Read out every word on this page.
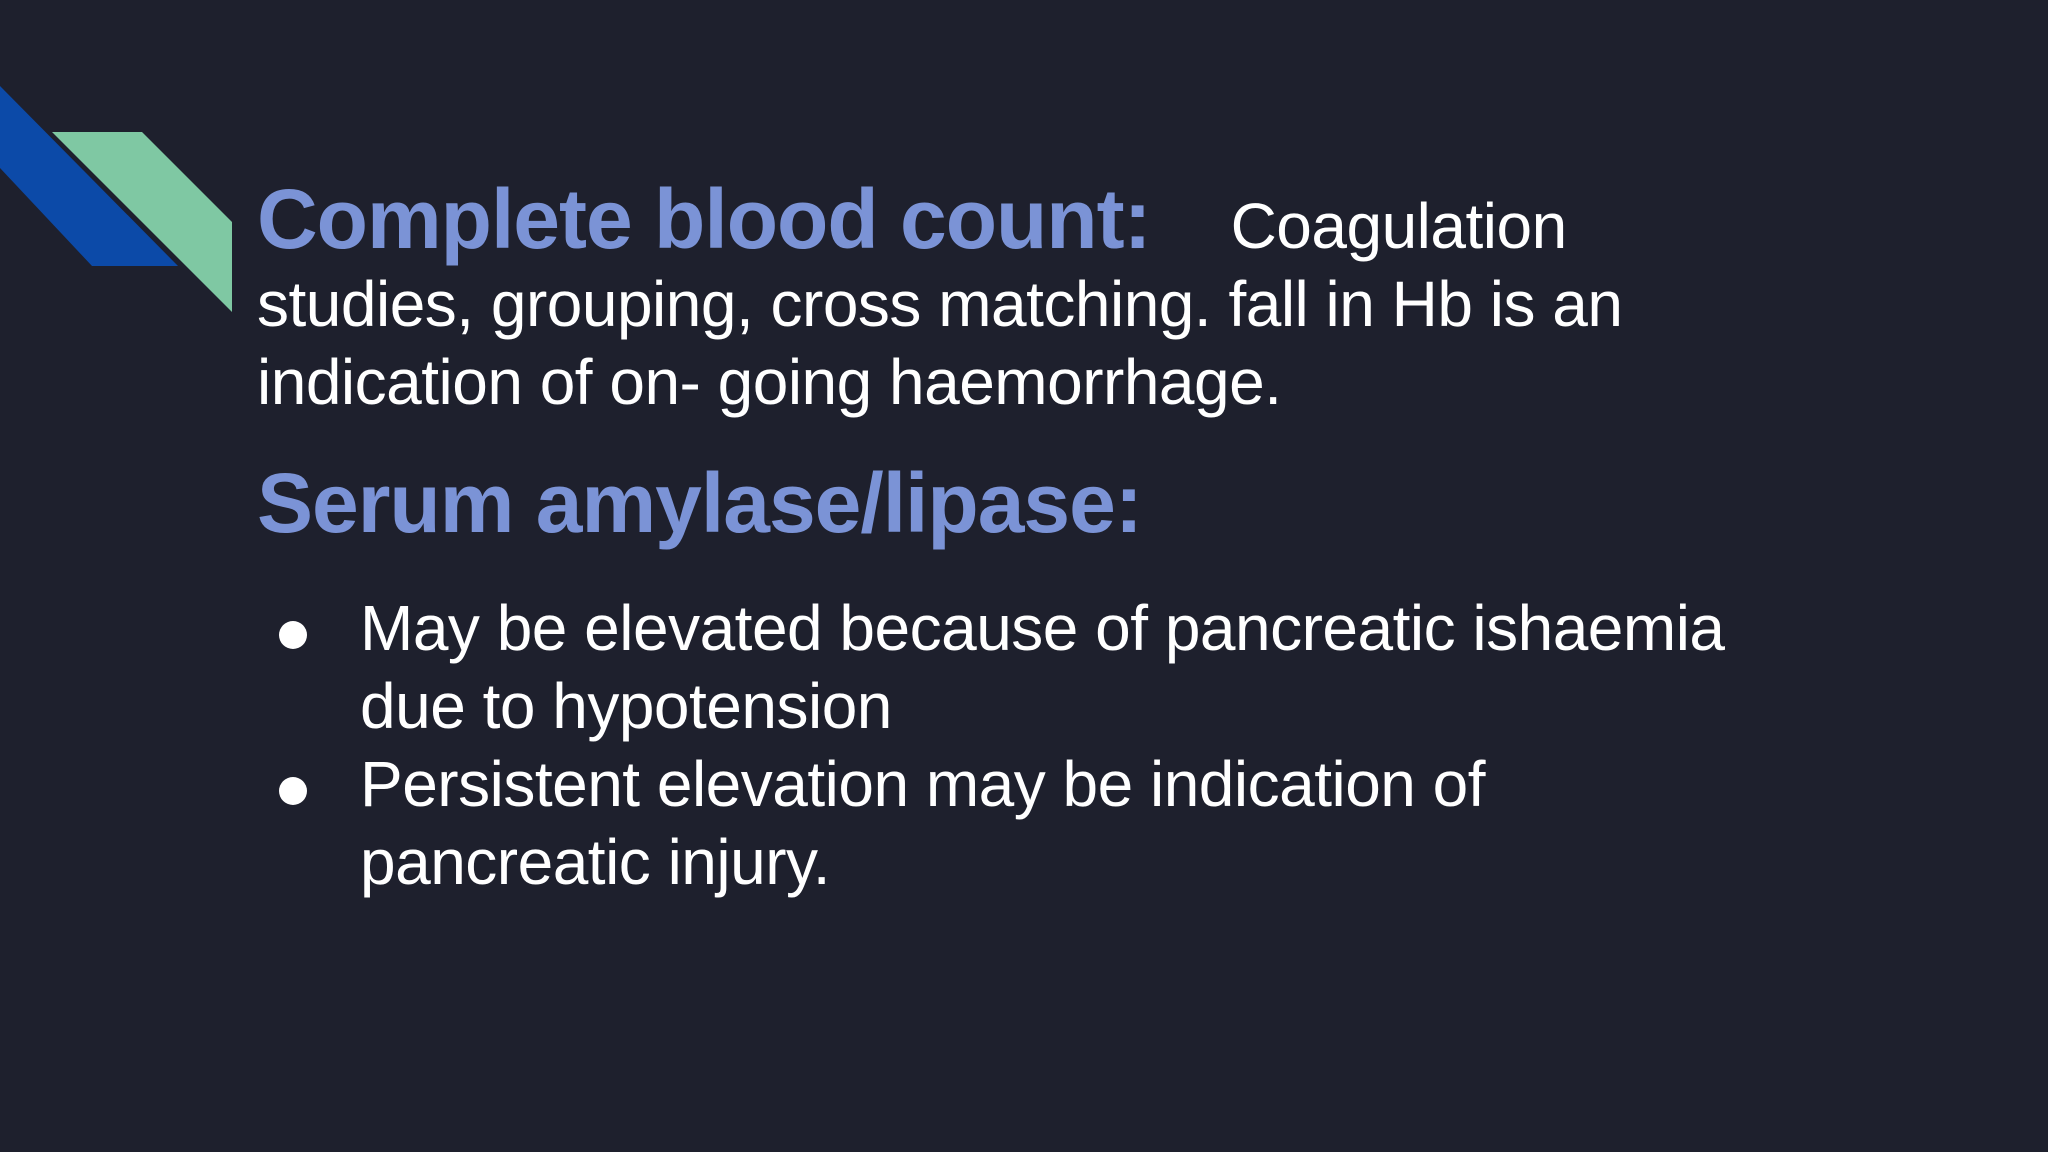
Complete blood count: Coagulation studies, grouping, cross matching. fall in Hb is an indication of on- going haemorrhage.
Serum amylase/lipase:
May be elevated because of pancreatic ishaemia due to hypotension
Persistent elevation may be indication of pancreatic injury.
